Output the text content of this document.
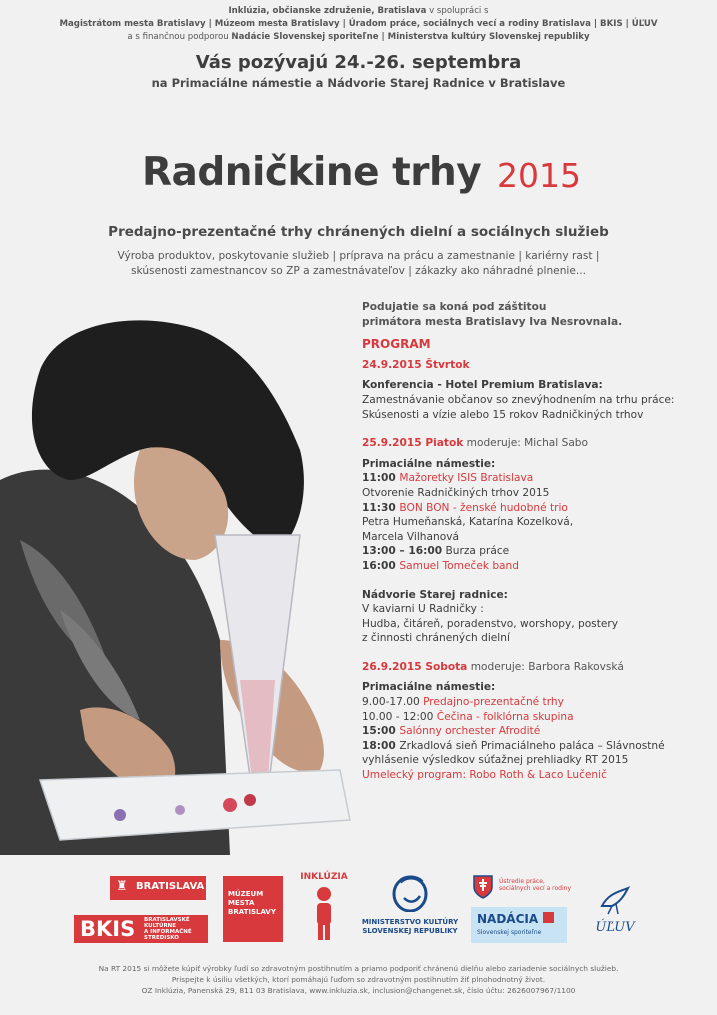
Inklúzia, občianske združenie, Bratislava v spolupráci s
Magistrátom mesta Bratislavy | Múzeom mesta Bratislavy | Úradom práce, sociálnych vecí a rodiny Bratislava | BKIS | ÚĽUV
a s finančnou podporou Nadácie Slovenskej sporiteľne | Ministerstva kultúry Slovenskej republiky
Vás pozývajú 24.-26. septembra
na Primaciálne námestie a Nádvorie Starej Radnice v Bratislave
Radničkine trhy 2015
Predajno-prezentačné trhy chránených dielní a sociálnych služieb
Výroba produktov, poskytovanie služieb | príprava na prácu a zamestnanie | kariérny rast |
skúsenosti zamestnancov so ZP a zamestnávateľov | zákazky ako náhradné plnenie...
Podujatie sa koná pod záštitou
primátora mesta Bratislavy Iva Nesrovnala.
PROGRAM
24.9.2015 Štvrtok
Konferencia - Hotel Premium Bratislava:
Zamestnávanie občanov so znevýhodnením na trhu práce:
Skúsenosti a vízie alebo 15 rokov Radničkiných trhov
25.9.2015 Piatok moderuje: Michal Sabo
Primaciálne námestie:
11:00 Mažoretky ISIS Bratislava
Otvorenie Radničkiných trhov 2015
11:30 BON BON - ženské hudobné trio
Petra Humeňanská, Katarína Kozelková,
Marcela Vilhanová
13:00 – 16:00 Burza práce
16:00 Samuel Tomeček band
Nádvorie Starej radnice:
V kaviarni U Radničky :
Hudba, čitáreň, poradenstvo, worshopy, postery
z činnosti chránených dielní
26.9.2015 Sobota moderuje: Barbora Rakovská
Primaciálne námestie:
9.00-17.00 Predajno-prezentačné trhy
10.00 - 12:00 Čečina - folklórna skupina
15:00 Salónny orchester Afrodité
18:00 Zrkadlová sieň Primaciálneho paláca – Slávnostné
vyhlásenie výsledkov súťažnej prehliadky RT 2015
Umelecký program: Robo Roth & Laco Lučenič
♜ BRATISLAVA
BKIS BRATISLAVSKÉ
KULTÚRNE
A INFORMAČNÉ
STREDISKO
MÚZEUM
MESTA
BRATISLAVY
INKLÚZIA
MINISTERSTVO KULTÚRY
SLOVENSKEJ REPUBLIKY
Ústredie práce,
sociálnych vecí a rodiny
NADÁCIA
Slovenskej sporiteľne	ÚĽUV
Na RT 2015 si môžete kúpiť výrobky ľudí so zdravotným postihnutím a priamo podporiť chránenú dielňu alebo zariadenie sociálnych služieb.
Prispejte k úsiliu všetkých, ktorí pomáhajú ľuďom so zdravotným postihnutím žiť plnohodnotný život.
OZ Inklúzia, Panenská 29, 811 03 Bratislava, www.inkluzia.sk, inclusion@changenet.sk, číslo účtu: 2626007967/1100
